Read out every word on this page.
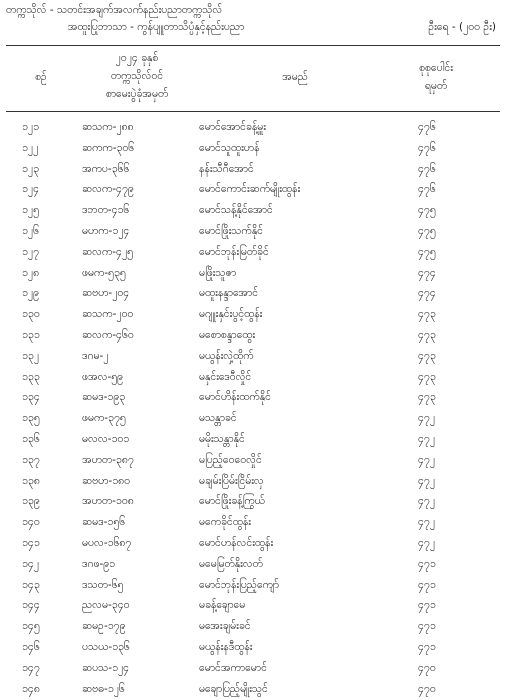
တက္ကသိုလ် - သတင်းအချက်အလက်နည်းပညာတက္ကသိုလ်
အထူးပြုဘာသာ - ကွန်ပျူတာသိပ္ပံနှင့်နည်းပညာ	ဦးရေ - (၂၀၀ ဦး)
စဉ်
၂၀၂၄ ခုနှစ်
တက္ကသိုလ်ဝင်
စာမေးပွဲခုံအမှတ်
အမည်
စုစုပေါင်း
ရမှတ်
၁၂၁	ဆသက-၂၈၈	မောင်အောင်ခန့်မှူး	၄၇၆
၁၂၂	ဆကက-၃၀၆	မောင်သူထူးဟန်	၄၇၆
၁၂၃	အကပ-၃၆၆	နန်းသီဂီအောင်	၄၇၆
၁၂၄	ဆလက-၄၇၉	မောင်ကောင်းဆက်မျိုးထွန်း	၄၇၆
၁၂၅	ဒဘတ-၄၁၆	မောင်သန့်နိုင်အောင်	၄၇၅
၁၂၆	မဟက-၁၂၄	မောင်ဖြိုးသက်နိုင်	၄၇၅
၁၂၇	ဆလက-၄၂၅	မောင်ဘုန်းမြတ်ခိုင်	၄၇၅
၁၂၈	ဖမက-၅၃၅	မဖြိုးသူဇာ	၄၇၄
၁၂၉	ဆဗဟ-၂၀၄	မထူးနန္ဒာအောင်	၄၇၄
၁၃၀	ဆသက-၂၀၀	မဂျူးနှင်းပွင့်ထွန်း	၄၇၃
၁၃၁	ဆလက-၄၆၀	မစောစန္ဒာထွေး	၄၇၃
၁၃၂	ဒဂမ-၂	မယွန်းလှဲ့ထိုက်	၄၇၃
၁၃၃	ဖအလ-၅၉	မနှင်းဒေဝီလှိုင်	၄၇၃
၁၃၄	ဆမဒ-၁၉၃	မောင်ဟိန်းထက်နိုင်	၄၇၃
၁၃၅	ဖမက-၃၇၅	မသန္တာခင်	၄၇၂
၁၃၆	မလလ-၁၀၁	မမိုးသန္တာနိုင်	၄၇၂
၁၃၇	အဟတ-၃၈၇	မပြည့်ဝေဝေလှိုင်	၄၇၂
၁၃၈	ဆဗဟ-၁၈၀	မချမ်းပြိမ်းငြိမ်းလှ	၄၇၂
၁၃၉	အဟတ-၁၀၈	မောင်ဖြိုးခန့်ကြွယ်	၄၇၂
၁၄၀	ဆမဒ-၁၅၆	မကေခိုင်ထွန်း	၄၇၂
၁၄၁	မပလ-၁၆၈၇	မောင်ဟန်လင်းထွန်း	၄၇၂
၁၄၂	ဒဂဖ-၉၁	မမေမြတ်နိုးလတ်	၄၇၁
၁၄၃	ဒသတ-၆၅	မောင်ဘုန်းပြည့်ကျော်	၄၇၁
၁၄၄	ညလမ-၃၄၀	မခန့်ချောမေ	၄၇၁
၁၄၅	ဆမဥ-၁၇၉	မအေးချမ်းခင်	၄၇၁
၁၄၆	ပသယ-၁၃၆	မယွန်းနဒီထွန်း	၄၇၁
၁၄၇	ဆပသ-၁၂၄	မောင်အကာမောင်	၄၇၀
၁၄၈	ဆဗဓ-၁၂၆	မချောပြည့်မျိုးသွင်	၄၇၀
